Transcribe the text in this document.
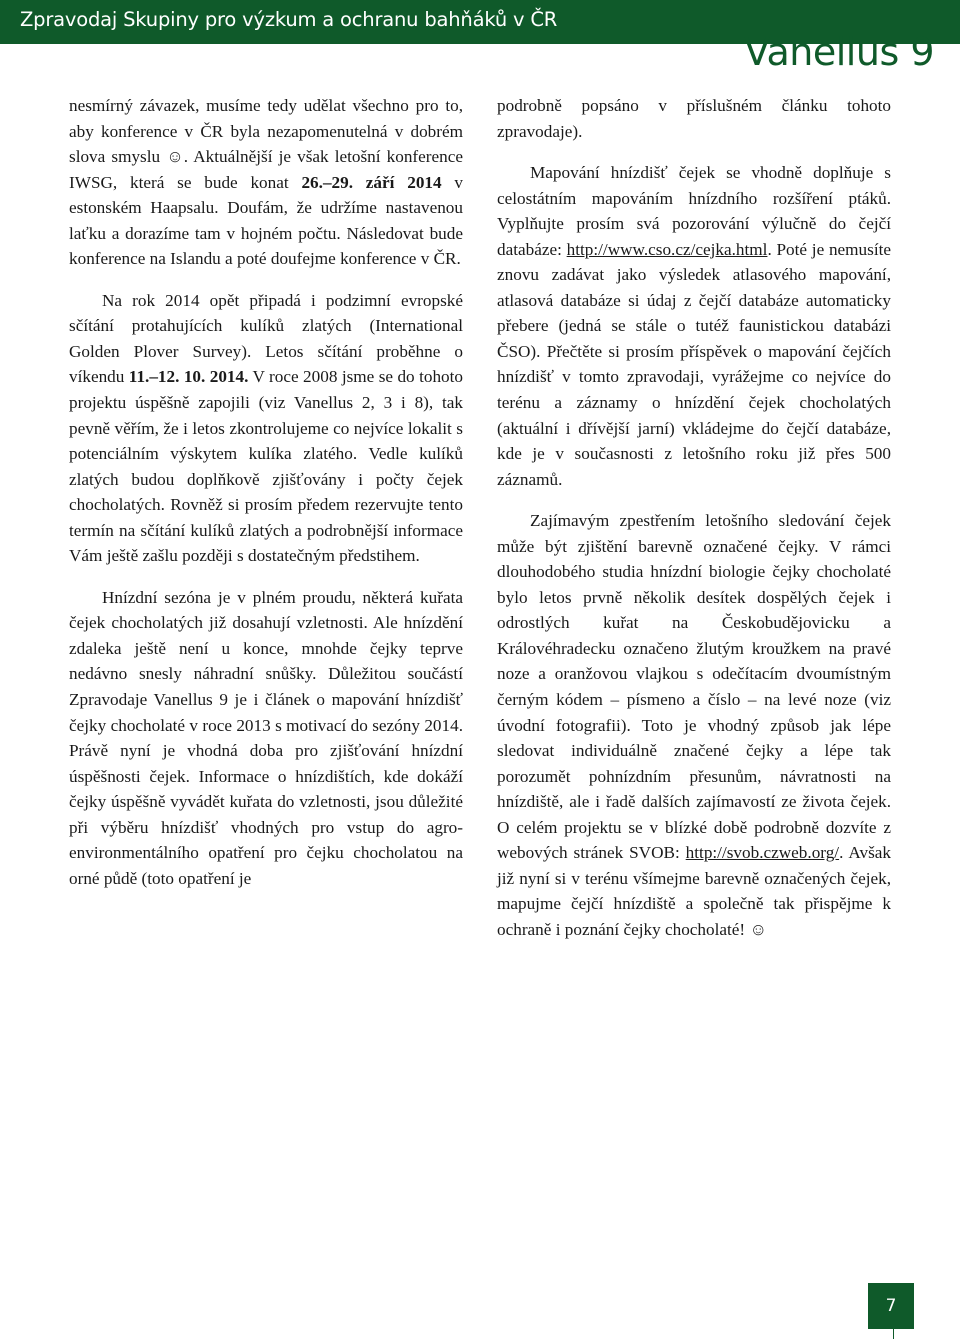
Zpravodaj Skupiny pro výzkum a ochranu bahňáků v ČR
Vanellus 9

nesmírný závazek, musíme tedy udělat všechno pro to, aby konference v ČR byla nezapomenutelná v dobrém slova smyslu ☺. Aktuálnější je však letošní konference IWSG, která se bude konat 26.–29. září 2014 v estonském Haapsalu. Doufám, že udržíme nastavenou laťku a dorazíme tam v hojném počtu. Následovat bude konference na Islandu a poté doufejme konference v ČR.

Na rok 2014 opět připadá i podzimní evropské sčítání protahujících kulíků zlatých (International Golden Plover Survey). Letos sčítání proběhne o víkendu 11.–12. 10. 2014. V roce 2008 jsme se do tohoto projektu úspěšně zapojili (viz Vanellus 2, 3 i 8), tak pevně věřím, že i letos zkontrolujeme co nejvíce lokalit s potenciálním výskytem kulíka zlatého. Vedle kulíků zlatých budou doplňkově zjišťovány i počty čejek chocholatých. Rovněž si prosím předem rezervujte tento termín na sčítání kulíků zlatých a podrobnější informace Vám ještě zašlu později s dostatečným předstihem.

Hnízdní sezóna je v plném proudu, některá kuřata čejek chocholatých již dosahují vzletnosti. Ale hnízdění zdaleka ještě není u konce, mnohde čejky teprve nedávno snesly náhradní snůšky. Důležitou součástí Zpravodaje Vanellus 9 je i článek o mapování hnízdišť čejky chocholaté v roce 2013 s motivací do sezóny 2014. Právě nyní je vhodná doba pro zjišťování hnízdní úspěšnosti čejek. Informace o hnízdištích, kde dokáží čejky úspěšně vyvádět kuřata do vzletnosti, jsou důležité při výběru hnízdišť vhodných pro vstup do agro-environmentálního opatření pro čejku chocholatou na orné půdě (toto opatření je

podrobně popsáno v příslušném článku tohoto zpravodaje).

Mapování hnízdišť čejek se vhodně doplňuje s celostátním mapováním hnízdního rozšíření ptáků. Vyplňujte prosím svá pozorování výlučně do čejčí databáze: http://www.cso.cz/cejka.html. Poté je nemusíte znovu zadávat jako výsledek atlasového mapování, atlasová databáze si údaj z čejčí databáze automaticky přebere (jedná se stále o tutéž faunistickou databázi ČSO). Přečtěte si prosím příspěvek o mapování čejčích hnízdišť v tomto zpravodaji, vyrážejme co nejvíce do terénu a záznamy o hnízdění čejek chocholatých (aktuální i dřívější jarní) vkládejme do čejčí databáze, kde je v současnosti z letošního roku již přes 500 záznamů.

Zajímavým zpestřením letošního sledování čejek může být zjištění barevně označené čejky. V rámci dlouhodobého studia hnízdní biologie čejky chocholaté bylo letos prvně několik desítek dospělých čejek i odrostlých kuřat na Českobudějovicku a Královéhradecku označeno žlutým kroužkem na pravé noze a oranžovou vlajkou s odečítacím dvoumístným černým kódem – písmeno a číslo – na levé noze (viz úvodní fotografii). Toto je vhodný způsob jak lépe sledovat individuálně značené čejky a lépe tak porozumět pohnízdním přesunům, návratnosti na hnízdiště, ale i řadě dalších zajímavostí ze života čejek. O celém projektu se v blízké době podrobně dozvíte z webových stránek SVOB: http://svob.czweb.org/. Avšak již nyní si v terénu všímejme barevně označených čejek, mapujme čejčí hnízdiště a společně tak přispějme k ochraně i poznání čejky chocholaté! ☺

7
